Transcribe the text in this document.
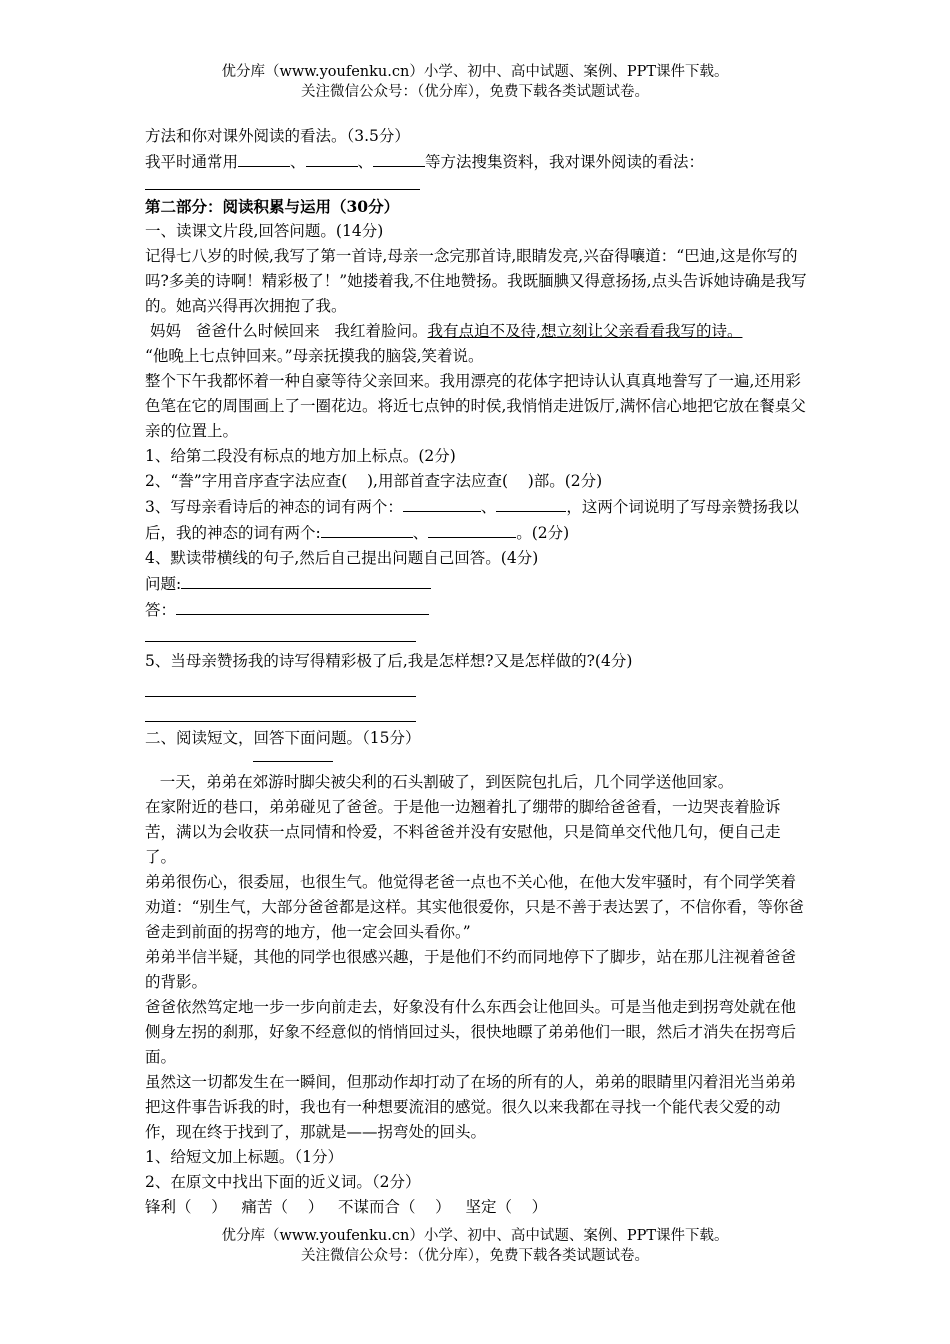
优分库（www.youfenku.cn）小学、初中、高中试题、案例、PPT课件下载。
关注微信公众号：（优分库），免费下载各类试题试卷。

方法和你对课外阅读的看法。（3.5分）

我平时通常用	、	、	等方法搜集资料，我对课外阅读的看法：

第二部分：阅读积累与运用（30分）

一、读课文片段,回答问题。(14分)

记得七八岁的时候,我写了第一首诗,母亲一念完那首诗,眼睛发亮,兴奋得嚷道：“巴迪,这是你写的吗?多美的诗啊！精彩极了！”她搂着我,不住地赞扬。我既腼腆又得意扬扬,点头告诉她诗确是我写的。她高兴得再次拥抱了我。

妈妈   爸爸什么时候回来   我红着脸问。我有点迫不及待,想立刻让父亲看看我写的诗。

“他晚上七点钟回来。”母亲抚摸我的脑袋,笑着说。

整个下午我都怀着一种自豪等待父亲回来。我用漂亮的花体字把诗认认真真地誊写了一遍,还用彩色笔在它的周围画上了一圈花边。将近七点钟的时侯,我悄悄走进饭厅,满怀信心地把它放在餐桌父亲的位置上。

1、给第二段没有标点的地方加上标点。(2分)

2、“誊”字用音序查字法应查(    ),用部首查字法应查(    )部。(2分)

3、写母亲看诗后的神态的词有两个：	、	，这两个词说明了写母亲赞扬我以后，我的神态的词有两个:	、	。(2分)

4、默读带横线的句子,然后自己提出问题自己回答。(4分)

问题:

答：

5、当母亲赞扬我的诗写得精彩极了后,我是怎样想?又是怎样做的?(4分)

二、阅读短文，回答下面问题。（15分）

一天，弟弟在郊游时脚尖被尖利的石头割破了，到医院包扎后，几个同学送他回家。

在家附近的巷口，弟弟碰见了爸爸。于是他一边翘着扎了绷带的脚给爸爸看，一边哭丧着脸诉苦，满以为会收获一点同情和怜爱，不料爸爸并没有安慰他，只是简单交代他几句，便自己走了。

弟弟很伤心，很委屈，也很生气。他觉得老爸一点也不关心他，在他大发牢骚时，有个同学笑着劝道：“别生气，大部分爸爸都是这样。其实他很爱你，只是不善于表达罢了，不信你看，等你爸爸走到前面的拐弯的地方，他一定会回头看你。”

弟弟半信半疑，其他的同学也很感兴趣，于是他们不约而同地停下了脚步，站在那儿注视着爸爸的背影。

爸爸依然笃定地一步一步向前走去，好象没有什么东西会让他回头。可是当他走到拐弯处就在他侧身左拐的刹那，好象不经意似的悄悄回过头，很快地瞟了弟弟他们一眼，然后才消失在拐弯后面。

虽然这一切都发生在一瞬间，但那动作却打动了在场的所有的人，弟弟的眼睛里闪着泪光当弟弟把这件事告诉我的时，我也有一种想要流泪的感觉。很久以来我都在寻找一个能代表父爱的动作，现在终于找到了，那就是——拐弯处的回头。

1、给短文加上标题。（1分）

2、在原文中找出下面的近义词。（2分）

锋利（    ）   痛苦（    ）   不谋而合（    ）   坚定（    ）

优分库（www.youfenku.cn）小学、初中、高中试题、案例、PPT课件下载。
关注微信公众号：（优分库），免费下载各类试题试卷。
